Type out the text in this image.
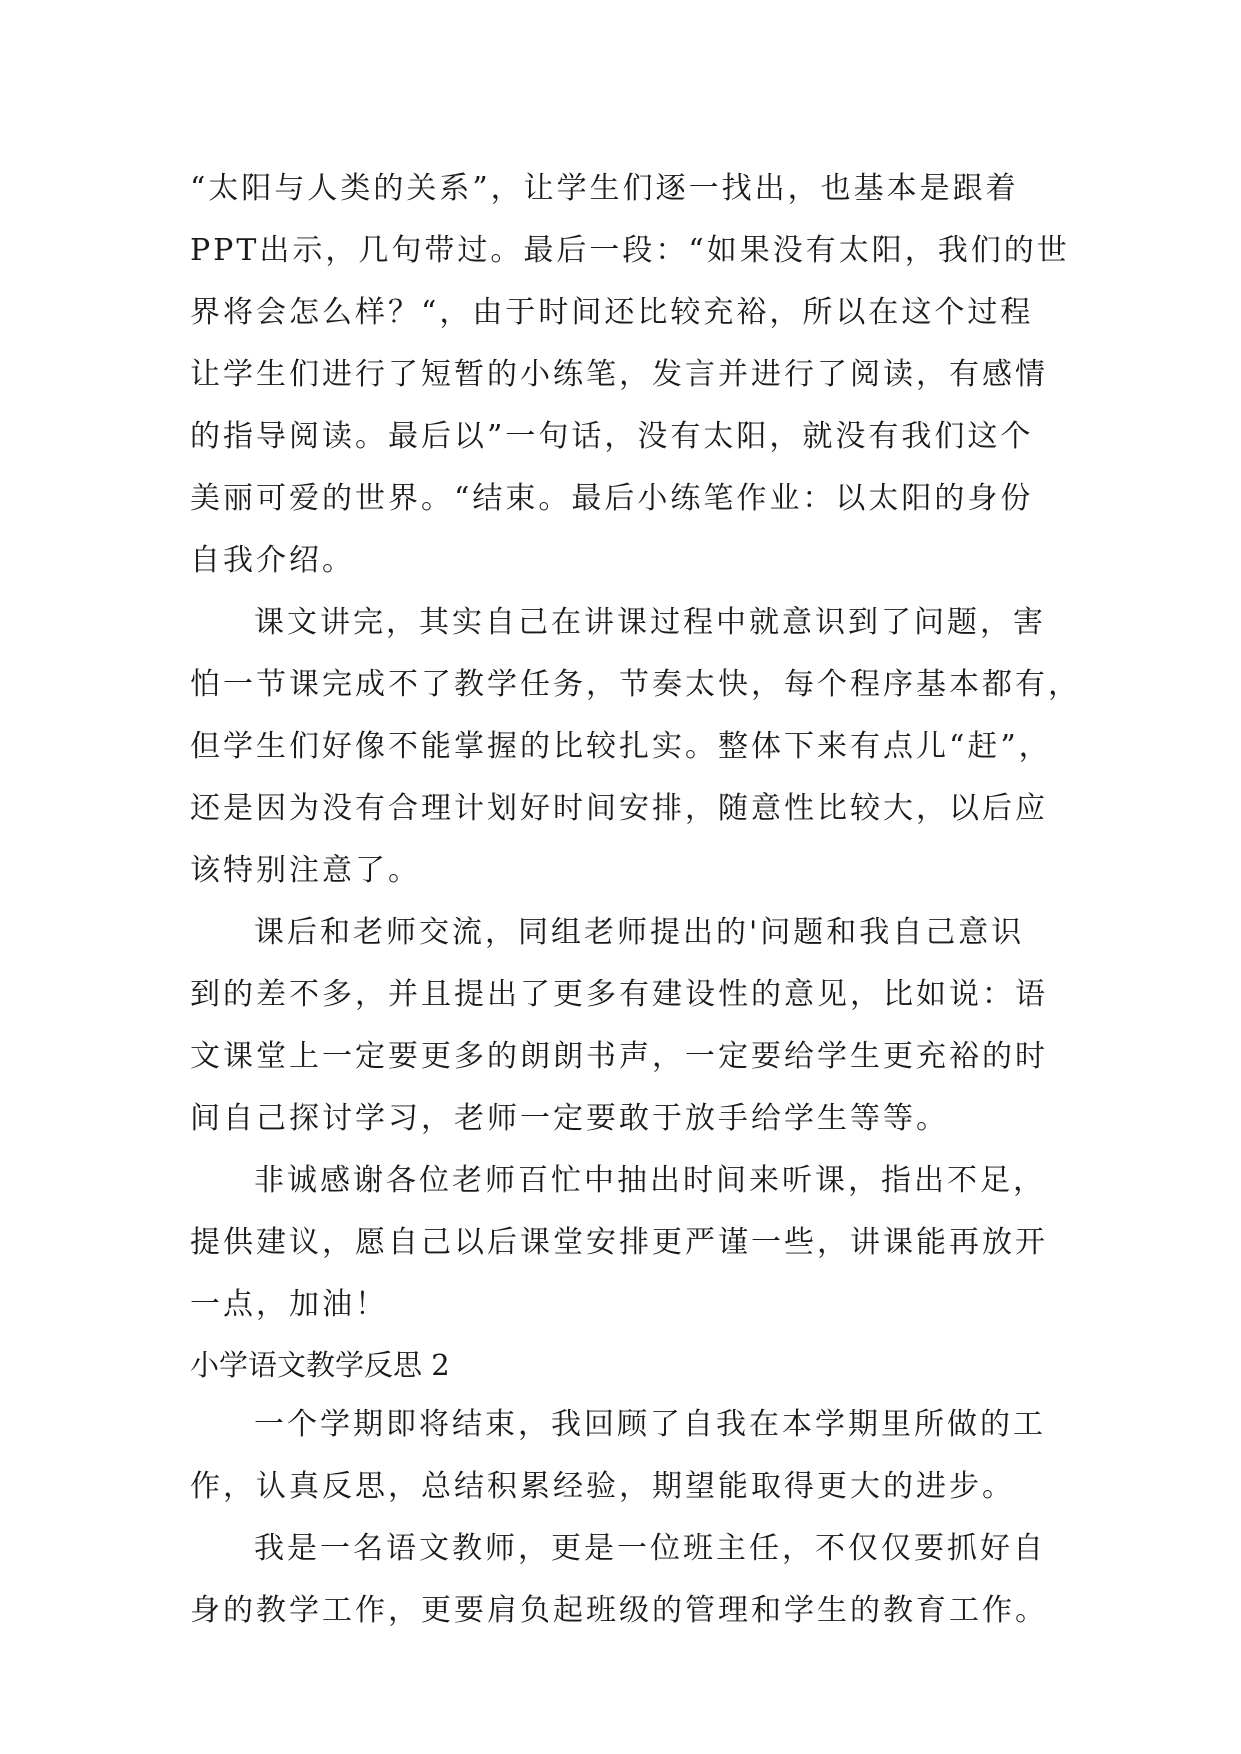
“太阳与人类的关系”，让学生们逐一找出，也基本是跟着
PPT出示，几句带过。最后一段：“如果没有太阳，我们的世
界将会怎么样？“，由于时间还比较充裕，所以在这个过程
让学生们进行了短暂的小练笔，发言并进行了阅读，有感情
的指导阅读。最后以”一句话，没有太阳，就没有我们这个
美丽可爱的世界。“结束。最后小练笔作业：以太阳的身份
自我介绍。
课文讲完，其实自己在讲课过程中就意识到了问题，害
怕一节课完成不了教学任务，节奏太快，每个程序基本都有，
但学生们好像不能掌握的比较扎实。整体下来有点儿“赶”，
还是因为没有合理计划好时间安排，随意性比较大，以后应
该特别注意了。
课后和老师交流，同组老师提出的'问题和我自己意识
到的差不多，并且提出了更多有建设性的意见，比如说：语
文课堂上一定要更多的朗朗书声，一定要给学生更充裕的时
间自己探讨学习，老师一定要敢于放手给学生等等。
非诚感谢各位老师百忙中抽出时间来听课，指出不足，
提供建议，愿自己以后课堂安排更严谨一些，讲课能再放开
一点，加油！
小学语文教学反思 2
一个学期即将结束，我回顾了自我在本学期里所做的工
作，认真反思，总结积累经验，期望能取得更大的进步。
我是一名语文教师，更是一位班主任，不仅仅要抓好自
身的教学工作，更要肩负起班级的管理和学生的教育工作。
